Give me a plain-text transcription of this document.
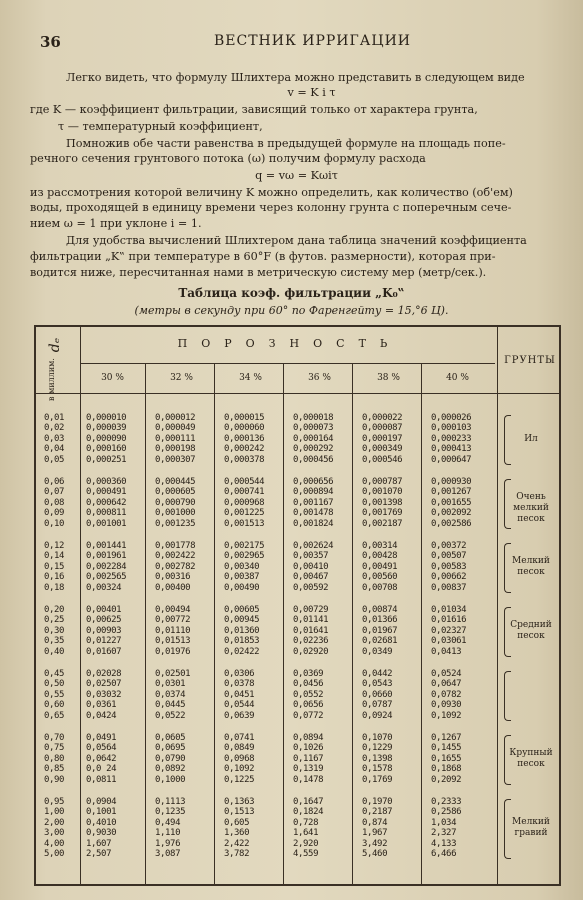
36	ВЕСТНИК ИРРИГАЦИИ
Легко видеть, что формулу Шлихтера можно представить в следующем виде
v = K i τ
где K — коэффициент фильтрации, зависящий только от характера грунта,
τ — температурный коэффициент,
Помножив обе части равенства в предыдущей формуле на площадь попе-
речного сечения грунтового потока (ω) получим формулу расхода
q = vω = Kωiτ
из рассмотрения которой величину K можно определить, как количество (об'ем)
воды, проходящей в единицу времени через колонну грунта с поперечным сече-
нием ω = 1 при уклоне i = 1.
Для удобства вычислений Шлихтером дана таблица значений коэффициента
фильтрации „K‟ при температуре в 60°F (в футов. размерности), которая при-
водится ниже, пересчитанная нами в метрическую систему мер (метр/сек.).
Таблица коэф. фильтрации „K₀‟
(метры в секунду при 60° по Фаренгейту = 15,°6 Ц).
dₑ
в миллим.
ПОРОЗНОСТЬ
ГРУНТЫ
30 %	32 %	34 %	36 %	38 %	40 %
0,01 0,000010	0,000012	0,000015	0,000018	0,000022	0,000026
0,02 0,000039	0,000049	0,000060	0,000073	0,000087	0,000103
0,03 0,000090	0,000111	0,000136	0,000164	0,000197	0,000233
0,04 0,000160	0,000198	0,000242	0,000292	0,000349	0,000413
0,05 0,000251	0,000307	0,000378	0,000456	0,000546	0,000647
Ил
0,06 0,000360	0,000445	0,000544	0,000656	0,000787	0,000930
0,07 0,000491	0,000605	0,000741	0,000894	0,001070	0,001267
0,08 0,000642	0,000790	0,000968	0,001167	0,001398	0,001655
0,09 0,000811	0,001000	0,001225	0,001478	0,001769	0,002092
0,10 0,001001	0,001235	0,001513	0,001824	0,002187	0,002586
Очень мелкий песок
0,12 0,001441	0,001778	0,002175	0,002624	0,00314	0,00372
0,14 0,001961	0,002422	0,002965	0,00357	0,00428	0,00507
0,15 0,002284	0,002782	0,00340	0,00410	0,00491	0,00583
0,16 0,002565	0,00316	0,00387	0,00467	0,00560	0,00662
0,18 0,00324	0,00400	0,00490	0,00592	0,00708	0,00837
Мелкий песок
0,20 0,00401	0,00494	0,00605	0,00729	0,00874	0,01034
0,25 0,00625	0,00772	0,00945	0,01141	0,01366	0,01616
0,30 0,00903	0,01110	0,01360	0,01641	0,01967	0,02327
0,35 0,01227	0,01513	0,01853	0,02236	0,02681	0,03061
0,40 0,01607	0,01976	0,02422	0,02920	0,0349	0,0413
Средний песок
0,45 0,02028	0,02501	0,0306	0,0369	0,0442	0,0524
0,50 0,02507	0,0301	0,0378	0,0456	0,0543	0,0647
0,55 0,03032	0,0374	0,0451	0,0552	0,0660	0,0782
0,60 0,0361	0,0445	0,0544	0,0656	0,0787	0,0930
0,65 0,0424	0,0522	0,0639	0,0772	0,0924	0,1092
0,70 0,0491	0,0605	0,0741	0,0894	0,1070	0,1267
0,75 0,0564	0,0695	0,0849	0,1026	0,1229	0,1455
0,80 0,0642	0,0790	0,0968	0,1167	0,1398	0,1655
0,85 0,0 24	0,0892	0,1092	0,1319	0,1578	0,1868
0,90 0,0811	0,1000	0,1225	0,1478	0,1769	0,2092
Крупный песок
0,95 0,0904	0,1113	0,1363	0,1647	0,1970	0,2333
1,00 0,1001	0,1235	0,1513	0,1824	0,2187	0,2586
2,00 0,4010	0,494	0,605	0,728	0,874	1,034
3,00 0,9030	1,110	1,360	1,641	1,967	2,327
4,00 1,607	1,976	2,422	2,920	3,492	4,133
5,00 2,507	3,087	3,782	4,559	5,460	6,466
Мелкий гравий
